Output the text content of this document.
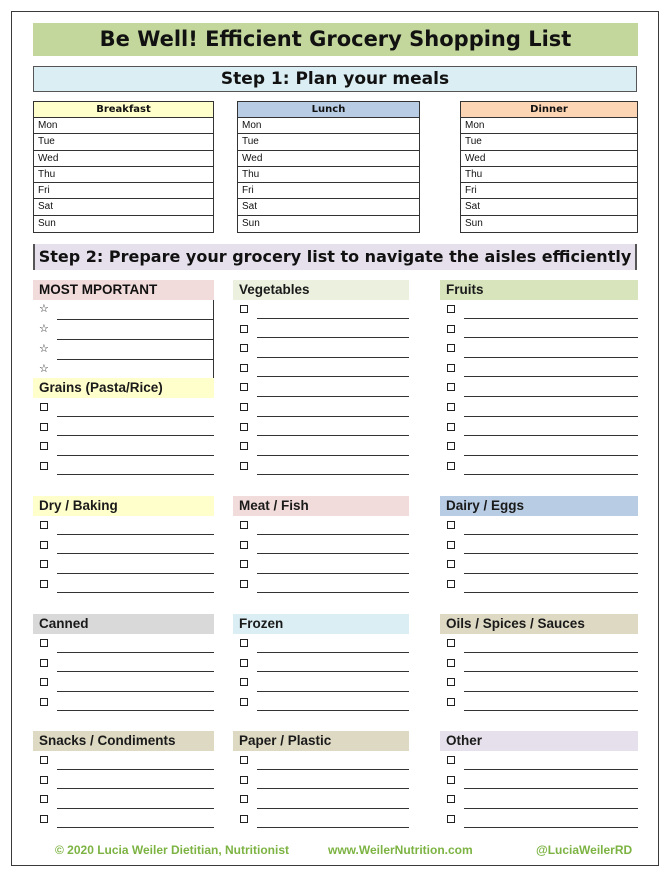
Be Well! Efficient Grocery Shopping List
Step 1: Plan your meals
Breakfast
Mon
Tue
Wed
Thu
Fri
Sat
Sun
Lunch
Mon
Tue
Wed
Thu
Fri
Sat
Sun
Dinner
Mon
Tue
Wed
Thu
Fri
Sat
Sun
Step 2: Prepare your grocery list to navigate the aisles efficiently
MOST MPORTANT
☆
☆
☆
☆
Grains (Pasta/Rice)
Vegetables	Fruits
Dry / Baking	Meat / Fish	Dairy / Eggs
Canned	Frozen	Oils / Spices / Sauces
Snacks / Condiments	Paper / Plastic	Other
© 2020 Lucia Weiler Dietitian, Nutritionist	www.WeilerNutrition.com	@LuciaWeilerRD
